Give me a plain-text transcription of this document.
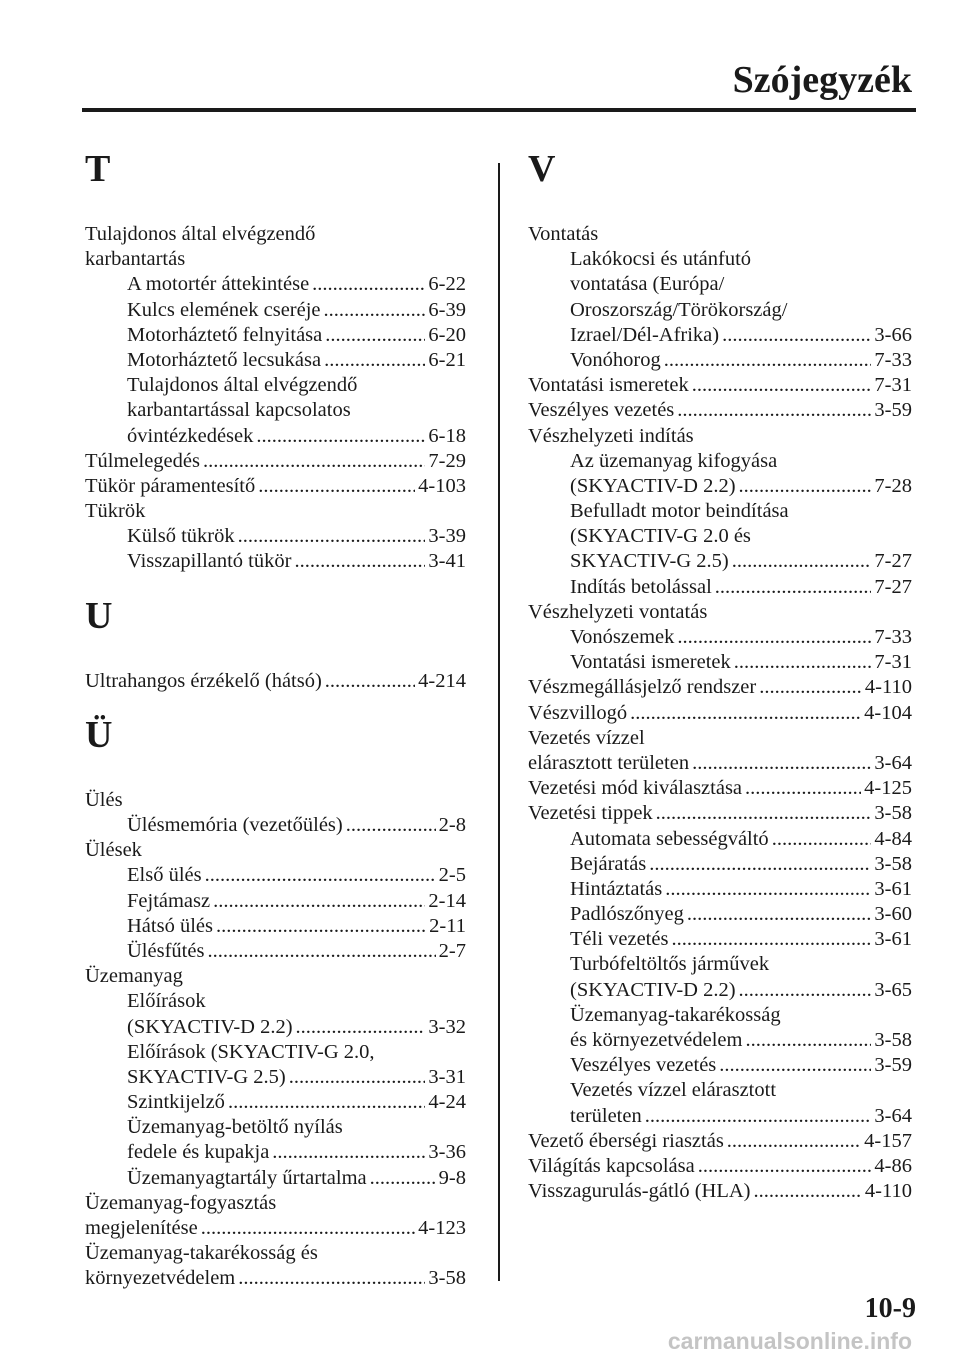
Szójegyzék
T
Tulajdonos által elvégzendő
karbantartás
A motortér áttekintése .....	6-22
Kulcs elemének cseréje .....	6-39
Motorháztető felnyitása .....	6-20
Motorháztető lecsukása .....	6-21
Tulajdonos által elvégzendő
karbantartással kapcsolatos
óvintézkedések .....	6-18
Túlmelegedés .....	7-29
Tükör páramentesítő .....	4-103
Tükrök
Külső tükrök .....	3-39
Visszapillantó tükör .....	3-41
U
Ultrahangos érzékelő (hátsó) .....	4-214
Ü
Ülés
Ülésmemória (vezetőülés) .....	2-8
Ülések
Első ülés .....	2-5
Fejtámasz .....	2-14
Hátsó ülés .....	2-11
Ülésfűtés .....	2-7
Üzemanyag
Előírások
(SKYACTIV-D 2.2) .....	3-32
Előírások (SKYACTIV-G 2.0,
SKYACTIV-G 2.5) .....	3-31
Szintkijelző .....	4-24
Üzemanyag-betöltő nyílás
fedele és kupakja .....	3-36
Üzemanyagtartály űrtartalma .....	9-8
Üzemanyag-fogyasztás
megjelenítése .....	4-123
Üzemanyag-takarékosság és
környezetvédelem .....	3-58
V
Vontatás
Lakókocsi és utánfutó
vontatása (Európa/
Oroszország/Törökország/
Izrael/Dél-Afrika) .....	3-66
Vonóhorog .....	7-33
Vontatási ismeretek .....	7-31
Veszélyes vezetés .....	3-59
Vészhelyzeti indítás
Az üzemanyag kifogyása
(SKYACTIV-D 2.2) .....	7-28
Befulladt motor beindítása
(SKYACTIV-G 2.0 és
SKYACTIV-G 2.5) .....	7-27
Indítás betolással .....	7-27
Vészhelyzeti vontatás
Vonószemek .....	7-33
Vontatási ismeretek .....	7-31
Vészmegállásjelző rendszer .....	4-110
Vészvillogó .....	4-104
Vezetés vízzel
elárasztott területen .....	3-64
Vezetési mód kiválasztása .....	4-125
Vezetési tippek .....	3-58
Automata sebességváltó .....	4-84
Bejáratás .....	3-58
Hintáztatás .....	3-61
Padlószőnyeg .....	3-60
Téli vezetés .....	3-61
Turbófeltöltős járművek
(SKYACTIV-D 2.2) .....	3-65
Üzemanyag-takarékosság
és környezetvédelem .....	3-58
Veszélyes vezetés .....	3-59
Vezetés vízzel elárasztott
területen .....	3-64
Vezető éberségi riasztás .....	4-157
Világítás kapcsolása .....	4-86
Visszagurulás-gátló (HLA) .....	4-110
10-9
carmanualsonline.info
